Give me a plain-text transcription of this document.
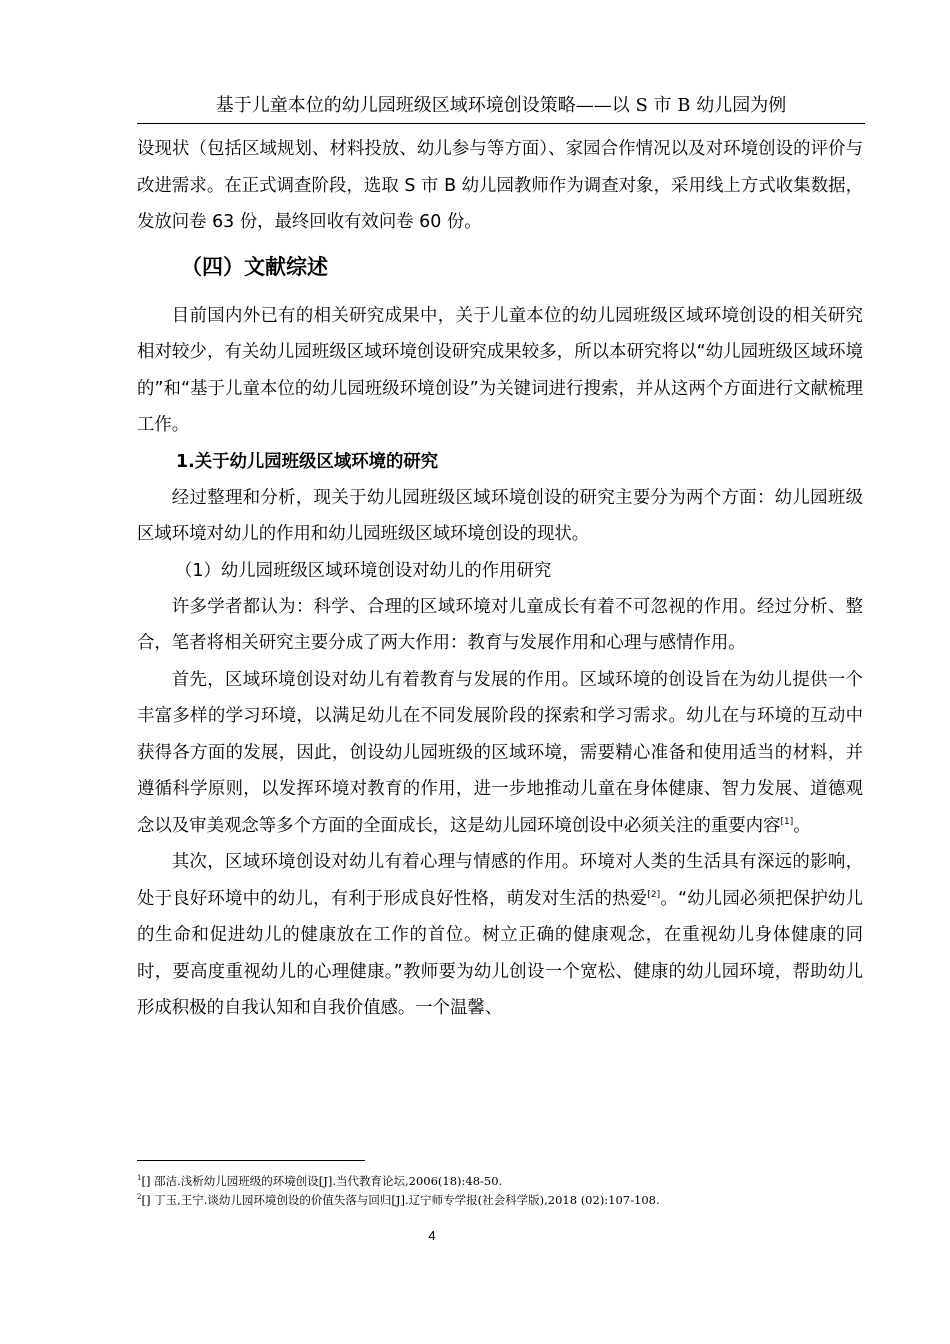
基于儿童本位的幼儿园班级区域环境创设策略——以 S 市 B 幼儿园为例

设现状（包括区域规划、材料投放、幼儿参与等方面）、家园合作情况以及对环境创设的评价与改进需求。在正式调查阶段，选取 S 市 B 幼儿园教师作为调查对象，采用线上方式收集数据，发放问卷 63 份，最终回收有效问卷 60 份。

（四）文献综述

目前国内外已有的相关研究成果中，关于儿童本位的幼儿园班级区域环境创设的相关研究相对较少，有关幼儿园班级区域环境创设研究成果较多，所以本研究将以“幼儿园班级区域环境的”和“基于儿童本位的幼儿园班级环境创设”为关键词进行搜索，并从这两个方面进行文献梳理工作。

1.关于幼儿园班级区域环境的研究

经过整理和分析，现关于幼儿园班级区域环境创设的研究主要分为两个方面：幼儿园班级区域环境对幼儿的作用和幼儿园班级区域环境创设的现状。

（1）幼儿园班级区域环境创设对幼儿的作用研究

许多学者都认为：科学、合理的区域环境对儿童成长有着不可忽视的作用。经过分析、整合，笔者将相关研究主要分成了两大作用：教育与发展作用和心理与感情作用。

首先，区域环境创设对幼儿有着教育与发展的作用。区域环境的创设旨在为幼儿提供一个丰富多样的学习环境，以满足幼儿在不同发展阶段的探索和学习需求。幼儿在与环境的互动中获得各方面的发展，因此，创设幼儿园班级的区域环境，需要精心准备和使用适当的材料，并遵循科学原则，以发挥环境对教育的作用，进一步地推动儿童在身体健康、智力发展、道德观念以及审美观念等多个方面的全面成长，这是幼儿园环境创设中必须关注的重要内容[1]。

其次，区域环境创设对幼儿有着心理与情感的作用。环境对人类的生活具有深远的影响，处于良好环境中的幼儿，有利于形成良好性格，萌发对生活的热爱[2]。“幼儿园必须把保护幼儿的生命和促进幼儿的健康放在工作的首位。树立正确的健康观念，在重视幼儿身体健康的同时，要高度重视幼儿的心理健康。”教师要为幼儿创设一个宽松、健康的幼儿园环境，帮助幼儿形成积极的自我认知和自我价值感。一个温馨、

$^1$[] 邵洁.浅析幼儿园班级的环境创设[J].当代教育论坛,2006(18):48-50.
$^2$[] 丁玉,王宁.谈幼儿园环境创设的价值失落与回归[J].辽宁师专学报(社会科学版),2018 (02):107-108.
4
